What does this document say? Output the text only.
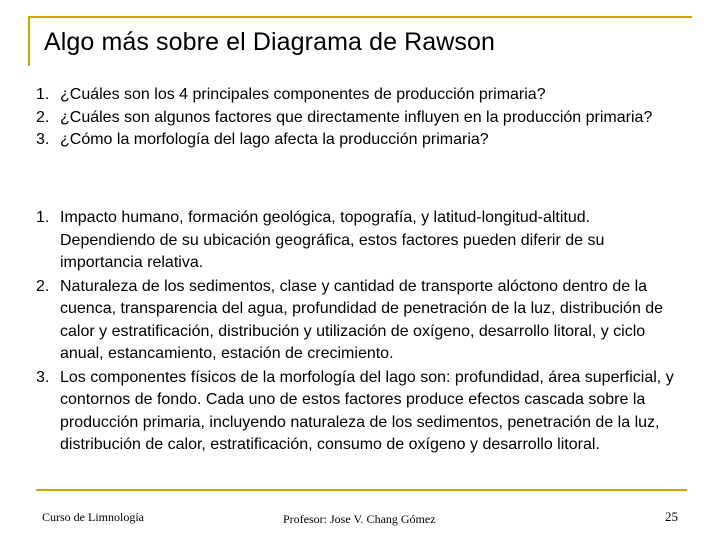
Algo más sobre el Diagrama de Rawson
1. ¿Cuáles son los 4 principales componentes de producción primaria?
2. ¿Cuáles son algunos factores que directamente influyen en la producción primaria?
3. ¿Cómo la morfología del lago afecta la producción primaria?
1. Impacto humano, formación geológica, topografía, y latitud-longitud-altitud. Dependiendo de su ubicación geográfica, estos factores pueden diferir de su importancia relativa.
2. Naturaleza de los sedimentos, clase y cantidad de transporte alóctono dentro de la cuenca, transparencia del agua, profundidad de penetración de la luz, distribución de calor y estratificación, distribución y utilización de oxígeno, desarrollo litoral, y ciclo anual, estancamiento, estación de crecimiento.
3. Los componentes físicos de la morfología del lago son: profundidad, área superficial, y contornos de fondo. Cada uno de estos factores produce efectos cascada sobre la producción primaria, incluyendo naturaleza de los sedimentos, penetración de la luz, distribución de calor, estratificación, consumo de oxígeno y desarrollo litoral.
Curso de Limnología	Profesor: Jose V. Chang Gómez	25
